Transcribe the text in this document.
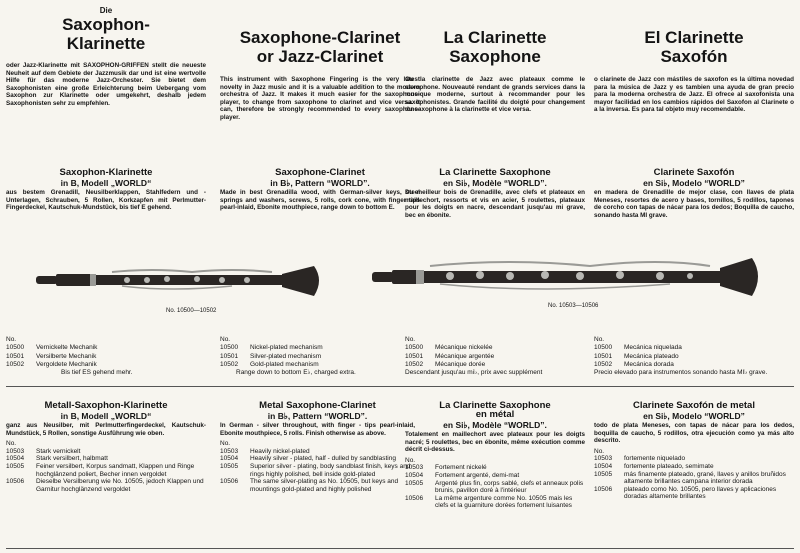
Die
Saxophon-
Klarinette

oder Jazz-Klarinette mit SAXOPHON-GRIFFEN stellt die neueste Neuheit auf dem Gebiete der Jazzmusik dar und ist eine wertvolle Hilfe für das moderne Jazz-Orchester. Sie bietet dem Saxophonisten eine große Erleichterung beim Uebergang vom Saxophon zur Klarinette oder umgekehrt, deshalb jedem Saxophonisten sehr zu empfehlen.

Saxophone-Clarinet
or Jazz-Clarinet

This instrument with Saxophone Fingering is the very latest novelty in Jazz music and it is a valuable addition to the modern orchestra of Jazz. It makes it much easier for the saxophone-player, to change from saxophone to clarinet and vice versa. It can, therefore be strongly recommended to every saxophone-player.

La Clarinette
Saxophone

Ou la clarinette de Jazz avec plateaux comme le saxophone. Nouveauté rendant de grands services dans la musique moderne, surtout à recommander pour les saxophonistes. Grande facilité du doigté pour changement du saxophone à la clarinette et vice versa.

El Clarinette
Saxofón

o clarinete de Jazz con mástiles de saxofon es la última novedad para la música de Jazz y es tambien una ayuda de gran precio para la moderna orchestra de Jazz. El ofrece al saxofonista una mayor facilidad en los cambios rápidos del Saxofon al Clarinete o a la inversa. Es para tal objeto muy recomendable.

Saxophon-Klarinette

in B, Modell „WORLD“

aus bestem Grenadill, Neusilberklappen, Stahlfedern und -Unterlagen, Schrauben, 5 Rollen, Korkzapfen mit Perlmutter-Fingerdeckel, Kautschuk-Mundstück, bis tief E gehend.

Saxophone-Clarinet

in B♭, Pattern “WORLD”.

Made in best Grenadilla wood, with German-silver keys, steel springs and washers, screws, 5 rolls, cork cone, with finger tips pearl-inlaid, Ebonite mouthpiece, range down to bottom E.

La Clarinette Saxophone

en Si♭, Modèle “WORLD”.

Du meilleur bois de Grenadille, avec clefs et plateaux en maillechort, ressorts et vis en acier, 5 roulettes, plateaux pour les doigts en nacre, descendant jusqu'au mi grave, bec en ébonite.

Clarinete Saxofón

en Si♭, Modelo “WORLD”

en madera de Grenadille de mejor clase, con llaves de plata Meneses, resortes de acero y bases, tornillos, 5 rodillos, tapones de corcho con tapas de nácar para los dedos; Boquilla de caucho, sonando hasta MI grave.

No. 10500—10502
No. 10503—10506
No.
10500	Vernickelte Mechanik
10501	Versilberte Mechanik
10502	Vergoldete Mechanik
Bis tief ES gehend mehr.
No.
10500	Nickel-plated mechanism
10501	Silver-plated mechanism
10502	Gold-plated mechanism
Range down to bottom E♭, charged extra.
No.
10500	Mécanique nickelée
10501	Mécanique argentée
10502	Mécanique dorée
Descendant jusqu'au mi♭, prix avec supplément
No.
10500	Mecánica niquelada
10501	Mecánica plateado
10502	Mecánica dorada
Precio elevado para instrumentos sonando hasta MI♭ grave.

Metall-Saxophon-Klarinette

in B, Modell „WORLD“

ganz aus Neusilber, mit Perlmutterfingerdeckel, Kautschuk-Mundstück, 5 Rollen, sonstige Ausführung wie oben.

No.
10503	Stark vernickelt
10504	Stark versilbert, halbmatt
10505	Feiner versilbert, Korpus sandmatt, Klappen und Ringe hochglänzend poliert, Becher innen vergoldet
10506	Dieselbe Versilberung wie No. 10505, jedoch Klappen und Garnitur hochglänzend vergoldet

Metal Saxophone-Clarinet

in B♭, Pattern “WORLD”.

In German - silver throughout, with finger - tips pearl-inlaid, Ebonite mouthpiece, 5 rolls. Finish otherwise as above.

No.
10503	Heavily nickel-plated
10504	Heavily silver - plated, half - dulled by sandblasting
10505	Superior silver - plating, body sandblast finish, keys and rings highly polished, bell inside gold-plated
10506	The same silver-plating as No. 10505, but keys and mountings gold-plated and highly polished

La Clarinette Saxophone

en métal

en Si♭, Modèle “WORLD”.

Totalement en maillechort avec plateaux pour les doigts nacré; 5 roulettes, bec en ébonite, même exécution comme décrit ci-dessus.

No.
10503	Fortement nickelé
10504	Fortement argenté, demi-mat
10505	Argenté plus fin, corps sablé, clefs et anneaux polis brunis, pavillon doré à l'intérieur
10506	La même argenture comme No. 10505 mais les clefs et la guarniture dorées fortement luisantes

Clarinete Saxofón de metal

en Si♭, Modelo “WORLD”

todo de plata Meneses, con tapas de nácar para los dedos, boquilla de caucho, 5 rodillos, otra ejecución como ya más alto descrito.

No.
10503	fortemente niquelado
10504	fortemente plateado, semimate
10505	más finamente plateado, grané, llaves y anillos bruñidos altamente brillantes campana interior dorada
10506	plateado como No. 10505, pero llaves y aplicaciones doradas altamente brillantes
